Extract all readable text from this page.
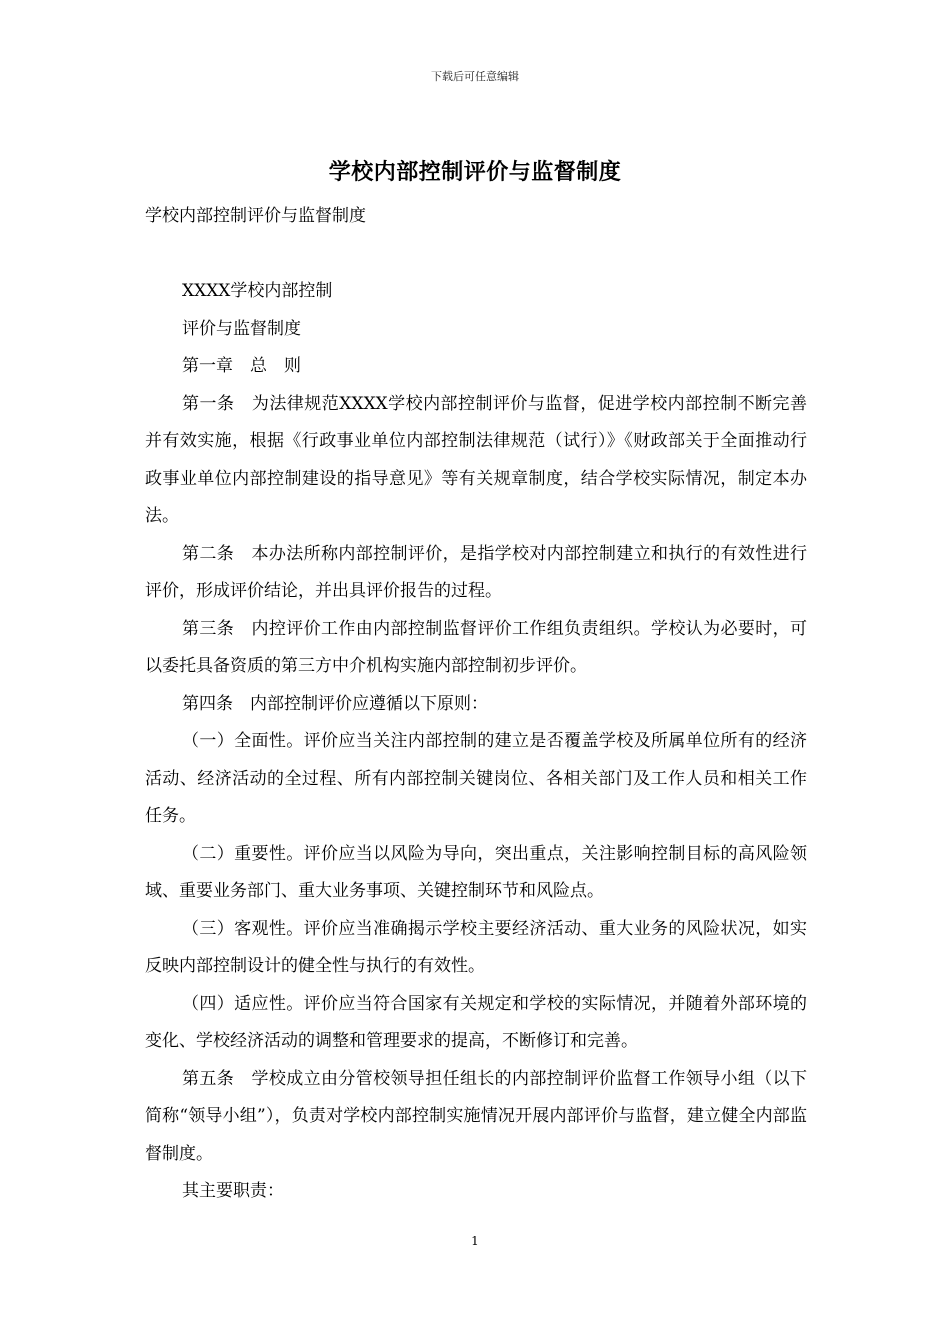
下载后可任意编辑
学校内部控制评价与监督制度

学校内部控制评价与监督制度

XXXX学校内部控制

评价与监督制度

第一章　总　则

第一条　为法律规范XXXX学校内部控制评价与监督，促进学校内部控制不断完善并有效实施，根据《行政事业单位内部控制法律规范（试行）》《财政部关于全面推动行政事业单位内部控制建设的指导意见》等有关规章制度，结合学校实际情况，制定本办法。

第二条　本办法所称内部控制评价，是指学校对内部控制建立和执行的有效性进行评价，形成评价结论，并出具评价报告的过程。

第三条　内控评价工作由内部控制监督评价工作组负责组织。学校认为必要时，可以委托具备资质的第三方中介机构实施内部控制初步评价。

第四条　内部控制评价应遵循以下原则：

（一）全面性。评价应当关注内部控制的建立是否覆盖学校及所属单位所有的经济活动、经济活动的全过程、所有内部控制关键岗位、各相关部门及工作人员和相关工作任务。

（二）重要性。评价应当以风险为导向，突出重点，关注影响控制目标的高风险领域、重要业务部门、重大业务事项、关键控制环节和风险点。

（三）客观性。评价应当准确揭示学校主要经济活动、重大业务的风险状况，如实反映内部控制设计的健全性与执行的有效性。

（四）适应性。评价应当符合国家有关规定和学校的实际情况，并随着外部环境的变化、学校经济活动的调整和管理要求的提高，不断修订和完善。

第五条　学校成立由分管校领导担任组长的内部控制评价监督工作领导小组（以下简称“领导小组”），负责对学校内部控制实施情况开展内部评价与监督，建立健全内部监督制度。

其主要职责：

1
